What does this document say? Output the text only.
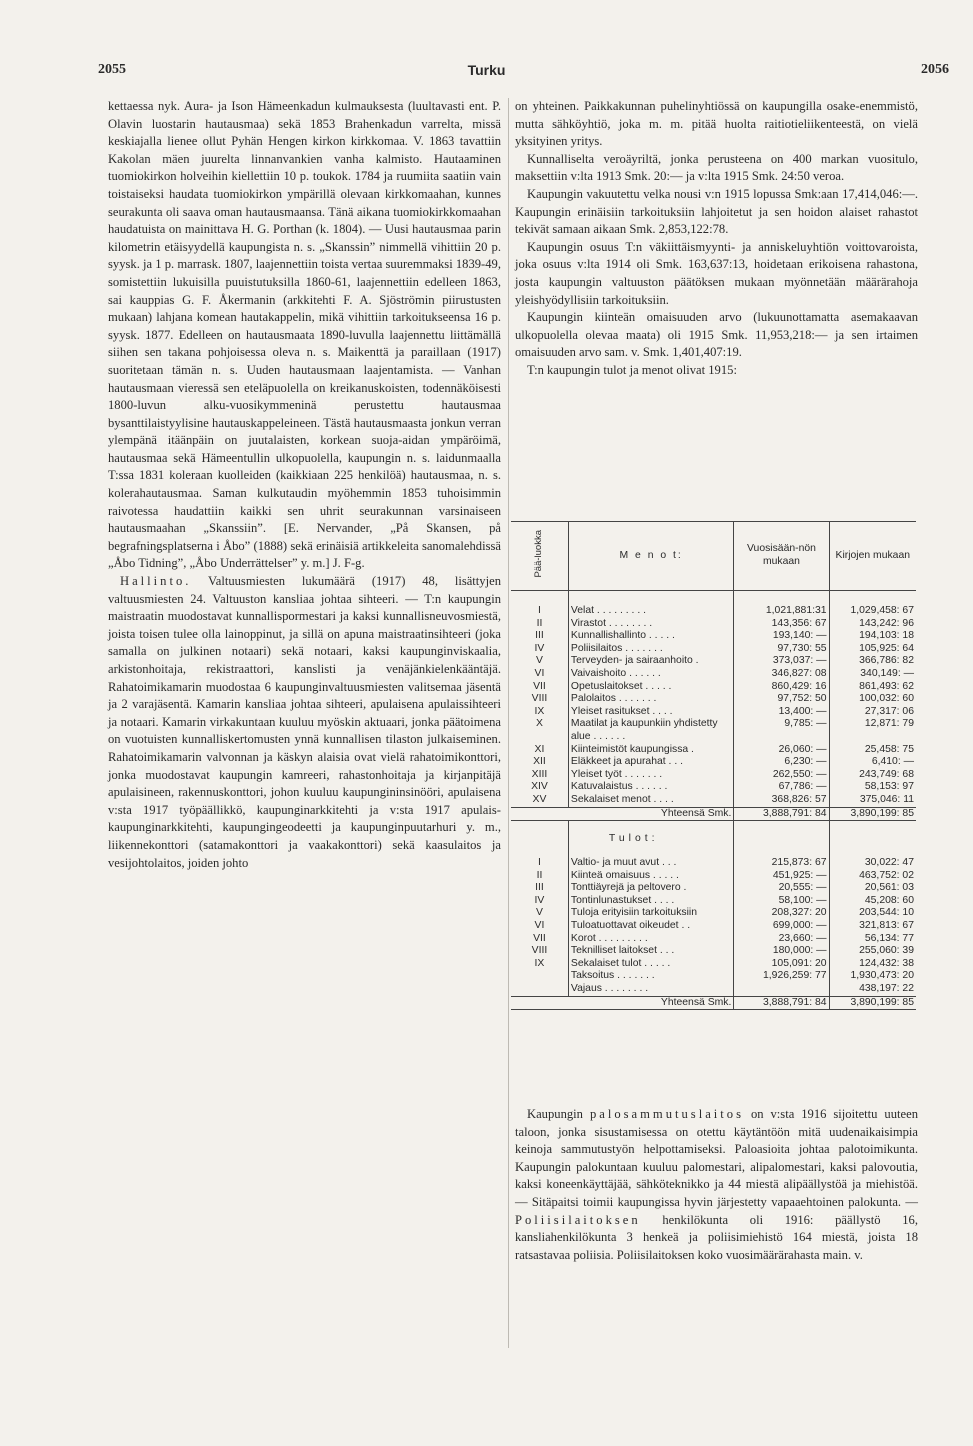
2055	Turku	2056

kettaessa nyk. Aura- ja Ison Hämeenkadun kulmauksesta (luultavasti ent. P. Olavin luostarin hautausmaa) sekä 1853 Brahenkadun varrelta, missä keskiajalla lienee ollut Pyhän Hengen kirkon kirkkomaa. V. 1863 tavattiin Kakolan mäen juurelta linnanvankien vanha kalmisto. Hautaaminen tuomiokirkon holveihin kiellettiin 10 p. toukok. 1784 ja ruumiita saatiin vain toistaiseksi haudata tuomiokirkon ympärillä olevaan kirkkomaahan, kunnes seurakunta oli saava oman hautausmaansa. Tänä aikana tuomiokirkkomaahan haudatuista on mainittava H. G. Porthan (k. 1804). — Uusi hautausmaa parin kilometrin etäisyydellä kaupungista n. s. „Skanssin” nimmellä vihittiin 20 p. syysk. ja 1 p. marrask. 1807, laajennettiin toista vertaa suuremmaksi 1839-49, somistettiin lukuisilla puuistutuksilla 1860-61, laajennettiin edelleen 1863, sai kauppias G. F. Åkermanin (arkkitehti F. A. Sjöströmin piirustusten mukaan) lahjana komean hautakappelin, mikä vihittiin tarkoitukseensa 16 p. syysk. 1877. Edelleen on hautausmaata 1890-luvulla laajennettu liittämällä siihen sen takana pohjoisessa oleva n. s. Maikenttä ja paraillaan (1917) suoritetaan tämän n. s. Uuden hautausmaan laajentamista. — Vanhan hautausmaan vieressä sen eteläpuolella on kreikanuskoisten, todennäköisesti 1800-luvun alku-vuosikymmeninä perustettu hautausmaa bysanttilaistyylisine hautauskappeleineen. Tästä hautausmaasta jonkun verran ylempänä itäänpäin on juutalaisten, korkean suoja-aidan ympäröimä, hautausmaa sekä Hämeentullin ulkopuolella, kaupungin n. s. laidunmaalla T:ssa 1831 koleraan kuolleiden (kaikkiaan 225 henkilöä) hautausmaa, n. s. kolerahautausmaa. Saman kulkutaudin myöhemmin 1853 tuhoisimmin raivotessa haudattiin kaikki sen uhrit seurakunnan varsinaiseen hautausmaahan „Skanssiin”. [E. Nervander, „På Skansen, på begrafningsplatserna i Åbo” (1888) sekä erinäisiä artikkeleita sanomalehdissä „Åbo Tidning”, „Åbo Underrättelser” y. m.] J. F-g.

Hallinto. Valtuusmiesten lukumäärä (1917) 48, lisättyjen valtuusmiesten 24. Valtuuston kansliaa johtaa sihteeri. — T:n kaupungin maistraatin muodostavat kunnallispormestari ja kaksi kunnallisneuvosmiestä, joista toisen tulee olla lainoppinut, ja sillä on apuna maistraatinsihteeri (joka samalla on julkinen notaari) sekä notaari, kaksi kaupunginviskaalia, arkistonhoitaja, rekistraattori, kanslisti ja venäjänkielenkääntäjä. Rahatoimikamarin muodostaa 6 kaupunginvaltuusmiesten valitsemaa jäsentä ja 2 varajäsentä. Kamarin kansliaa johtaa sihteeri, apulaisena apulaissihteeri ja notaari. Kamarin virkakuntaan kuuluu myöskin aktuaari, jonka päätoimena on vuotuisten kunnalliskertomusten ynnä kunnallisen tilaston julkaiseminen. Rahatoimikamarin valvonnan ja käskyn alaisia ovat vielä rahatoimikonttori, jonka muodostavat kaupungin kamreeri, rahastonhoitaja ja kirjanpitäjä apulaisineen, rakennuskonttori, johon kuuluu kaupungininsinööri, apulaisena v:sta 1917 työpäällikkö, kaupunginarkkitehti ja v:sta 1917 apulais-kaupunginarkkitehti, kaupungingeodeetti ja kaupunginpuutarhuri y. m., liikennekonttori (satamakonttori ja vaakakonttori) sekä kaasulaitos ja vesijohtolaitos, joiden johto

on yhteinen. Paikkakunnan puhelinyhtiössä on kaupungilla osake-enemmistö, mutta sähköyhtiö, joka m. m. pitää huolta raitiotieliikenteestä, on vielä yksityinen yritys.

Kunnalliselta veroäyriltä, jonka perusteena on 400 markan vuositulo, maksettiin v:lta 1913 Smk. 20:— ja v:lta 1915 Smk. 24:50 veroa.

Kaupungin vakuutettu velka nousi v:n 1915 lopussa Smk:aan 17,414,046:—. Kaupungin erinäisiin tarkoituksiin lahjoitetut ja sen hoidon alaiset rahastot tekivät samaan aikaan Smk. 2,853,122:78.

Kaupungin osuus T:n väkiittäismyynti- ja anniskeluyhtiön voittovaroista, joka osuus v:lta 1914 oli Smk. 163,637:13, hoidetaan erikoisena rahastona, josta kaupungin valtuuston päätöksen mukaan myönnetään määrärahoja yleishyödyllisiin tarkoituksiin.

Kaupungin kiinteän omaisuuden arvo (lukuunottamatta asemakaavan ulkopuolella olevaa maata) oli 1915 Smk. 11,953,218:— ja sen irtaimen omaisuuden arvo sam. v. Smk. 1,401,407:19.

T:n kaupungin tulot ja menot olivat 1915:

Pää-luokka	M e n o t:	Vuosisään-nön mukaan	Kirjojen mukaan

I	Velat . . . . . . . . .	1,021,881:31	1,029,458: 67
II	Virastot . . . . . . . .	143,356: 67	143,242: 96
III	Kunnallishallinto . . . . .	193,140: —	194,103: 18
IV	Poliisilaitos . . . . . . .	97,730: 55	105,925: 64
V	Terveyden- ja sairaanhoito .	373,037: —	366,786: 82
VI	Vaivaishoito . . . . . .	346,827: 08	340,149: —
VII	Opetuslaitokset . . . . .	860,429: 16	861,493: 62
VIII	Palolaitos . . . . . . .	97,752: 50	100,032: 60
IX	Yleiset rasitukset . . . .	13,400: —	27,317: 06
X	Maatilat ja kaupunkiin yhdistetty alue . . . . . .	9,785: —	12,871: 79
XI	Kiinteimistöt kaupungissa .	26,060: —	25,458: 75
XII	Eläkkeet ja apurahat . . .	6,230: —	6,410: —
XIII	Yleiset työt . . . . . . .	262,550: —	243,749: 68
XIV	Katuvalaistus . . . . . .	67,786: —	58,153: 97
XV	Sekalaiset menot . . . .	368,826: 57	375,046: 11
	Yhteensä Smk.	3,888,791: 84	3,890,199: 85
	Tulot:		
I	Valtio- ja muut avut . . .	215,873: 67	30,022: 47
II	Kiinteä omaisuus . . . . .	451,925: —	463,752: 02
III	Tonttiäyrejä ja peltovero .	20,555: —	20,561: 03
IV	Tontinlunastukset . . . .	58,100: —	45,208: 60
V	Tuloja erityisiin tarkoituksiin	208,327: 20	203,544: 10
VI	Tuloatuottavat oikeudet . .	699,000: —	321,813: 67
VII	Korot . . . . . . . . .	23,660: —	56,134: 77
VIII	Teknilliset laitokset . . .	180,000: —	255,060: 39
IX	Sekalaiset tulot . . . . .	105,091: 20	124,432: 38
	Taksoitus . . . . . . .	1,926,259: 77	1,930,473: 20
	Vajaus . . . . . . . .		438,197: 22
	Yhteensä Smk.	3,888,791: 84	3,890,199: 85

Kaupungin palosammutuslaitos on v:sta 1916 sijoitettu uuteen taloon, jonka sisustamisessa on otettu käytäntöön mitä uudenaikaisimpia keinoja sammutustyön helpottamiseksi. Paloasioita johtaa palotoimikunta. Kaupungin palokuntaan kuuluu palomestari, alipalomestari, kaksi palovoutia, kaksi koneenkäyttäjää, sähköteknikko ja 44 miestä alipäällystöä ja miehistöä. — Sitäpaitsi toimii kaupungissa hyvin järjestetty vapaaehtoinen palokunta. — Poliisilaitoksen henkilökunta oli 1916: päällystö 16, kansliahenkilökunta 3 henkeä ja poliisimiehistö 164 miestä, joista 18 ratsastavaa poliisia. Poliisilaitoksen koko vuosimäärärahasta main. v.
